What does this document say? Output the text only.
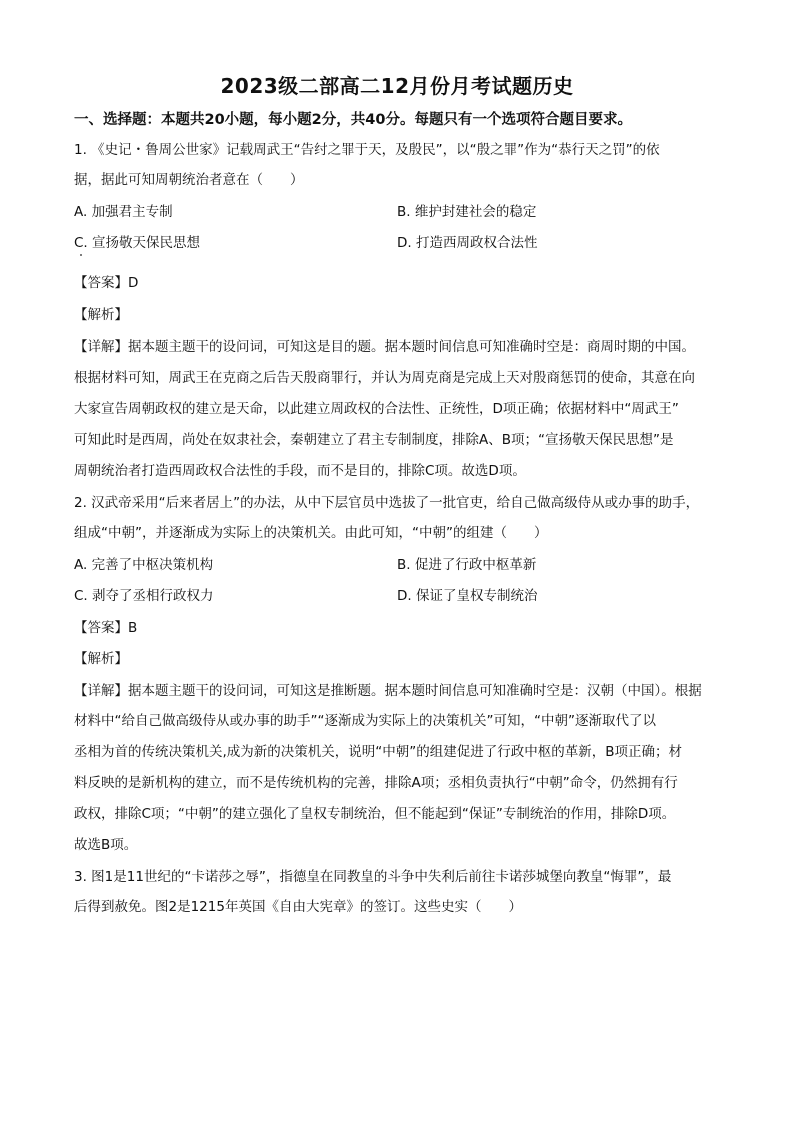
2023级二部高二12月份月考试题历史
一、选择题：本题共20小题，每小题2分，共40分。每题只有一个选项符合题目要求。
1. 《史记・鲁周公世家》记载周武王“告纣之罪于天，及殷民”，以“殷之罪”作为“恭行天之罚”的依
据，据此可知周朝统治者意在（　　）
A. 加强君主专制	B. 维护封建社会的稳定
C. 宣扬敬天保民思想	D. 打造西周政权合法性
【答案】D
【解析】
【详解】据本题主题干的设问词，可知这是目的题。据本题时间信息可知准确时空是：商周时期的中国。
根据材料可知，周武王在克商之后告天殷商罪行，并认为周克商是完成上天对殷商惩罚的使命，其意在向
大家宣告周朝政权的建立是天命，以此建立周政权的合法性、正统性，D项正确；依据材料中“周武王”
可知此时是西周，尚处在奴隶社会，秦朝建立了君主专制制度，排除A、B项；“宣扬敬天保民思想”是
周朝统治者打造西周政权合法性的手段，而不是目的，排除C项。故选D项。
2. 汉武帝采用“后来者居上”的办法，从中下层官员中选拔了一批官吏，给自己做高级侍从或办事的助手，
组成“中朝”，并逐渐成为实际上的决策机关。由此可知，“中朝”的组建（　　）
A. 完善了中枢决策机构	B. 促进了行政中枢革新
C. 剥夺了丞相行政权力	D. 保证了皇权专制统治
【答案】B
【解析】
【详解】据本题主题干的设问词，可知这是推断题。据本题时间信息可知准确时空是：汉朝（中国）。根据
材料中“给自己做高级侍从或办事的助手”“逐渐成为实际上的决策机关”可知，“中朝”逐渐取代了以
丞相为首的传统决策机关,成为新的决策机关，说明“中朝”的组建促进了行政中枢的革新，B项正确；材
料反映的是新机构的建立，而不是传统机构的完善，排除A项；丞相负责执行“中朝”命令，仍然拥有行
政权，排除C项；“中朝”的建立强化了皇权专制统治，但不能起到“保证”专制统治的作用，排除D项。
故选B项。
3. 图1是11世纪的“卡诺莎之辱”，指德皇在同教皇的斗争中失利后前往卡诺莎城堡向教皇“悔罪”，最
后得到赦免。图2是1215年英国《自由大宪章》的签订。这些史实（　　）
